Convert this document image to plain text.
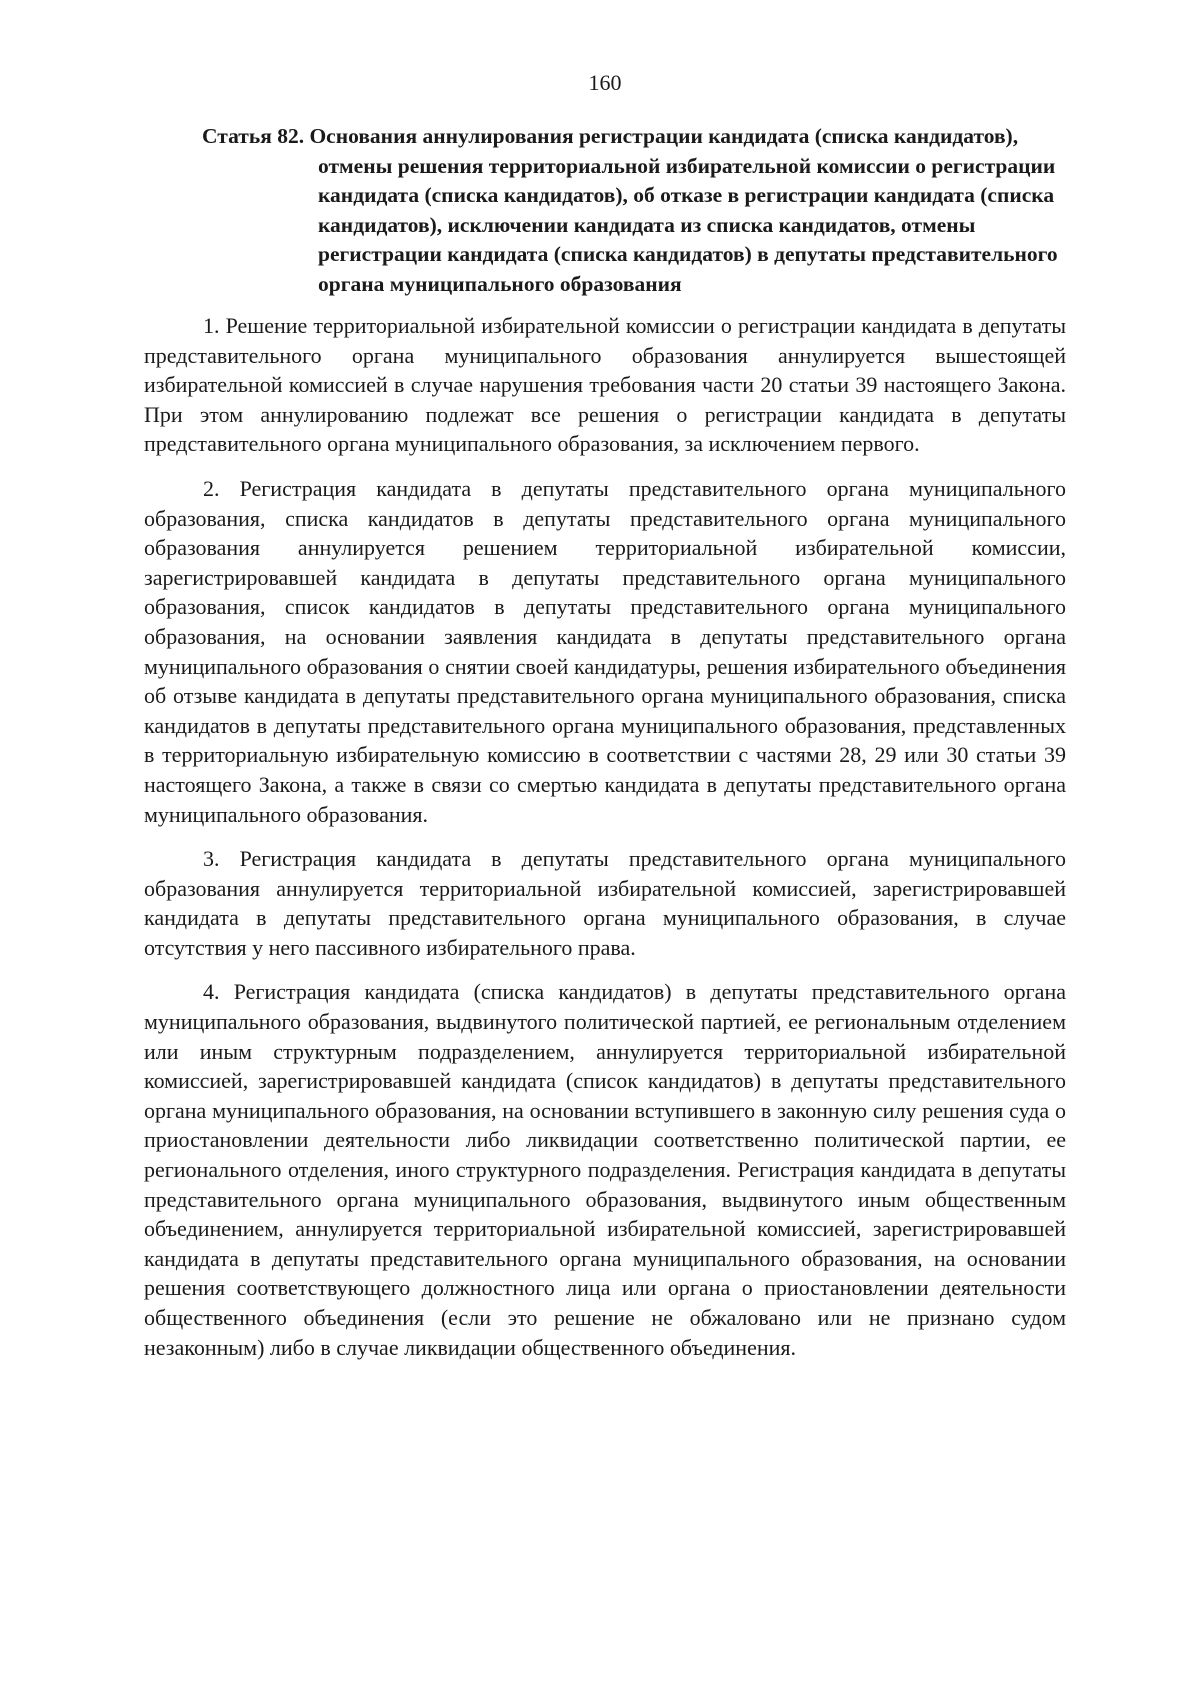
160
Статья 82. Основания аннулирования регистрации кандидата (списка кандидатов), отмены решения территориальной избирательной комиссии о регистрации кандидата (списка кандидатов), об отказе в регистрации кандидата (списка кандидатов), исключении кандидата из списка кандидатов, отмены регистрации кандидата (списка кандидатов) в депутаты представительного органа муниципального образования

1. Решение территориальной избирательной комиссии о регистрации кандидата в депутаты представительного органа муниципального образования аннулируется вышестоящей избирательной комиссией в случае нарушения требования части 20 статьи 39 настоящего Закона. При этом аннулированию подлежат все решения о регистрации кандидата в депутаты представительного органа муниципального образования, за исключением первого.

2. Регистрация кандидата в депутаты представительного органа муниципального образования, списка кандидатов в депутаты представительного органа муниципального образования аннулируется решением территориальной избирательной комиссии, зарегистрировавшей кандидата в депутаты представительного органа муниципального образования, список кандидатов в депутаты представительного органа муниципального образования, на основании заявления кандидата в депутаты представительного органа муниципального образования о снятии своей кандидатуры, решения избирательного объединения об отзыве кандидата в депутаты представительного органа муниципального образования, списка кандидатов в депутаты представительного органа муниципального образования, представленных в территориальную избирательную комиссию в соответствии с частями 28, 29 или 30 статьи 39 настоящего Закона, а также в связи со смертью кандидата в депутаты представительного органа муниципального образования.

3. Регистрация кандидата в депутаты представительного органа муниципального образования аннулируется территориальной избирательной комиссией, зарегистрировавшей кандидата в депутаты представительного органа муниципального образования, в случае отсутствия у него пассивного избирательного права.

4. Регистрация кандидата (списка кандидатов) в депутаты представительного органа муниципального образования, выдвинутого политической партией, ее региональным отделением или иным структурным подразделением, аннулируется территориальной избирательной комиссией, зарегистрировавшей кандидата (список кандидатов) в депутаты представительного органа муниципального образования, на основании вступившего в законную силу решения суда о приостановлении деятельности либо ликвидации соответственно политической партии, ее регионального отделения, иного структурного подразделения. Регистрация кандидата в депутаты представительного органа муниципального образования, выдвинутого иным общественным объединением, аннулируется территориальной избирательной комиссией, зарегистрировавшей кандидата в депутаты представительного органа муниципального образования, на основании решения соответствующего должностного лица или органа о приостановлении деятельности общественного объединения (если это решение не обжаловано или не признано судом незаконным) либо в случае ликвидации общественного объединения.
